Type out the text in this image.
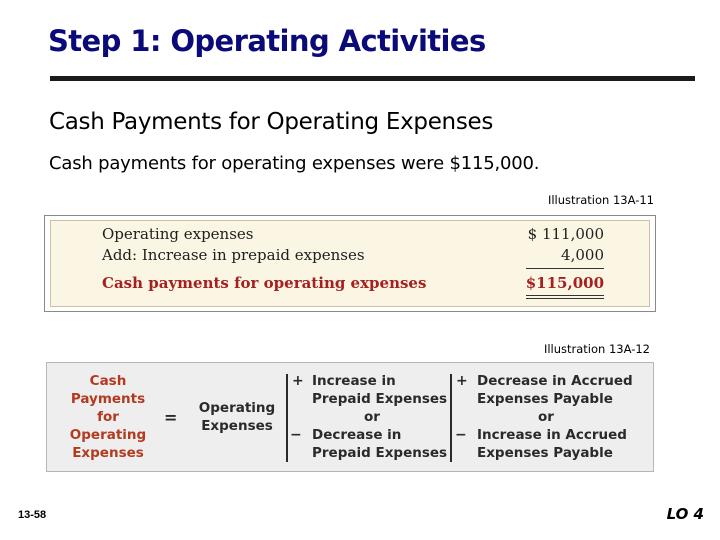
Step 1: Operating Activities
Cash Payments for Operating Expenses
Cash payments for operating expenses were $115,000.
Illustration 13A-11
Operating expenses	$ 111,000
Add: Increase in prepaid expenses	4,000
Cash payments for operating expenses	$115,000
Illustration 13A-12
Cash Payments for Operating Expenses
= Operating Expenses
+ Increase in
Prepaid Expenses
or
− Decrease in
Prepaid Expenses
+ Decrease in Accrued
Expenses Payable
or
− Increase in Accrued
Expenses Payable
13-58	LO 4
